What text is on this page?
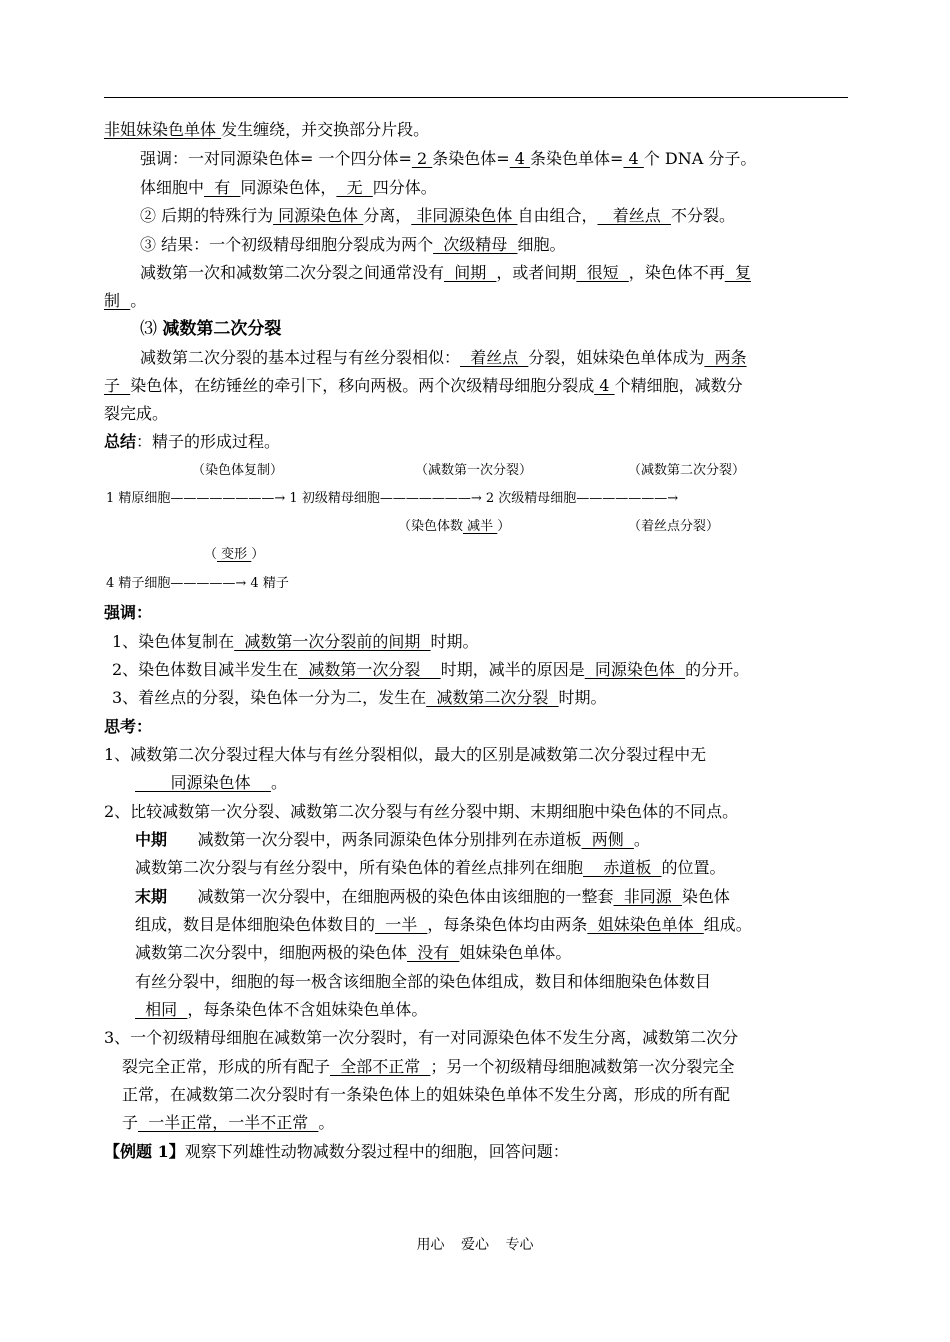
非姐妹染色单体 发生缠绕，并交换部分片段。
强调：一对同源染色体= 一个四分体= 2 条染色体= 4 条染色单体= 4 个 DNA 分子。
体细胞中  有  同源染色体，  无  四分体。
② 后期的特殊行为 同源染色体 分离， 非同源染色体 自由组合，   着丝点  不分裂。
③ 结果：一个初级精母细胞分裂成为两个  次级精母  细胞。
减数第一次和减数第二次分裂之间通常没有  间期  ，或者间期  很短  ，染色体不再  复
制  。
⑶ 减数第二次分裂
减数第二次分裂的基本过程与有丝分裂相似：  着丝点  分裂，姐妹染色单体成为  两条
子  染色体，在纺锤丝的牵引下，移向两极。两个次级精母细胞分裂成 4 个精细胞，减数分
裂完成。
总结：精子的形成过程。
（染色体复制）	（减数第一次分裂）	（减数第二次分裂）
1 精原细胞————————→ 1 初级精母细胞———————→ 2 次级精母细胞———————→
（染色体数 减半 ）	（着丝点分裂）
（ 变形 ）
4 精子细胞—————→ 4 精子
强调：
1、染色体复制在  减数第一次分裂前的间期  时期。
2、染色体数目减半发生在  减数第一次分裂    时期，减半的原因是  同源染色体  的分开。
3、着丝点的分裂，染色体一分为二，发生在  减数第二次分裂  时期。
思考：
1、减数第二次分裂过程大体与有丝分裂相似，最大的区别是减数第二次分裂过程中无
同源染色体    。
2、比较减数第一次分裂、减数第二次分裂与有丝分裂中期、末期细胞中染色体的不同点。
中期      减数第一次分裂中，两条同源染色体分别排列在赤道板  两侧  。
减数第二次分裂与有丝分裂中，所有染色体的着丝点排列在细胞    赤道板  的位置。
末期      减数第一次分裂中，在细胞两极的染色体由该细胞的一整套  非同源  染色体
组成，数目是体细胞染色体数目的  一半  ，每条染色体均由两条  姐妹染色单体  组成。
减数第二次分裂中，细胞两极的染色体  没有  姐妹染色单体。
有丝分裂中，细胞的每一极含该细胞全部的染色体组成，数目和体细胞染色体数目
相同  ，每条染色体不含姐妹染色单体。
3、一个初级精母细胞在减数第一次分裂时，有一对同源染色体不发生分离，减数第二次分
裂完全正常，形成的所有配子  全部不正常  ；另一个初级精母细胞减数第一次分裂完全
正常，在减数第二次分裂时有一条染色体上的姐妹染色单体不发生分离，形成的所有配
子  一半正常，一半不正常  。
【例题 1】观察下列雄性动物减数分裂过程中的细胞，回答问题：
用心 爱心 专心
